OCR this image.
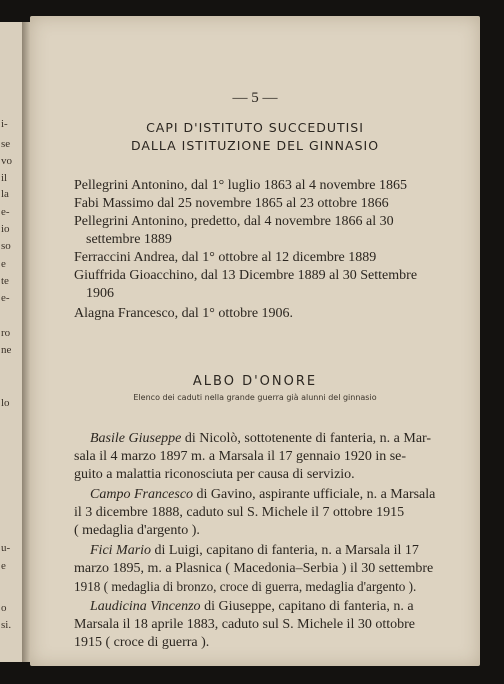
i-
se
vo
il
la
e-
io
so
e
te
e-
ro
ne
lo
u-
e
o
si.
— 5 —
CAPI D'ISTITUTO SUCCEDUTISI
DALLA ISTITUZIONE DEL GINNASIO
Pellegrini Antonino, dal 1° luglio 1863 al 4 novembre 1865
Fabi Massimo dal 25 novembre 1865 al 23 ottobre 1866
Pellegrini Antonino, predetto, dal 4 novembre 1866 al 30
settembre 1889
Ferraccini Andrea, dal 1° ottobre al 12 dicembre 1889
Giuffrida Gioacchino, dal 13 Dicembre 1889 al 30 Settembre
1906
Alagna Francesco, dal 1° ottobre 1906.
ALBO D'ONORE
Elenco dei caduti nella grande guerra già alunni del ginnasio
Basile Giuseppe di Nicolò, sottotenente di fanteria, n. a Mar-
sala il 4 marzo 1897 m. a Marsala il 17 gennaio 1920 in se-
guito a malattia riconosciuta per causa di servizio.
Campo Francesco di Gavino, aspirante ufficiale, n. a Marsala
il 3 dicembre 1888, caduto sul S. Michele il 7 ottobre 1915
( medaglia d'argento ).
Fici Mario di Luigi, capitano di fanteria, n. a Marsala il 17
marzo 1895, m. a Plasnica ( Macedonia–Serbia ) il 30 settembre
1918 ( medaglia di bronzo, croce di guerra, medaglia d'argento ).
Laudicina Vincenzo di Giuseppe, capitano di fanteria, n. a
Marsala il 18 aprile 1883, caduto sul S. Michele il 30 ottobre
1915 ( croce di guerra ).
